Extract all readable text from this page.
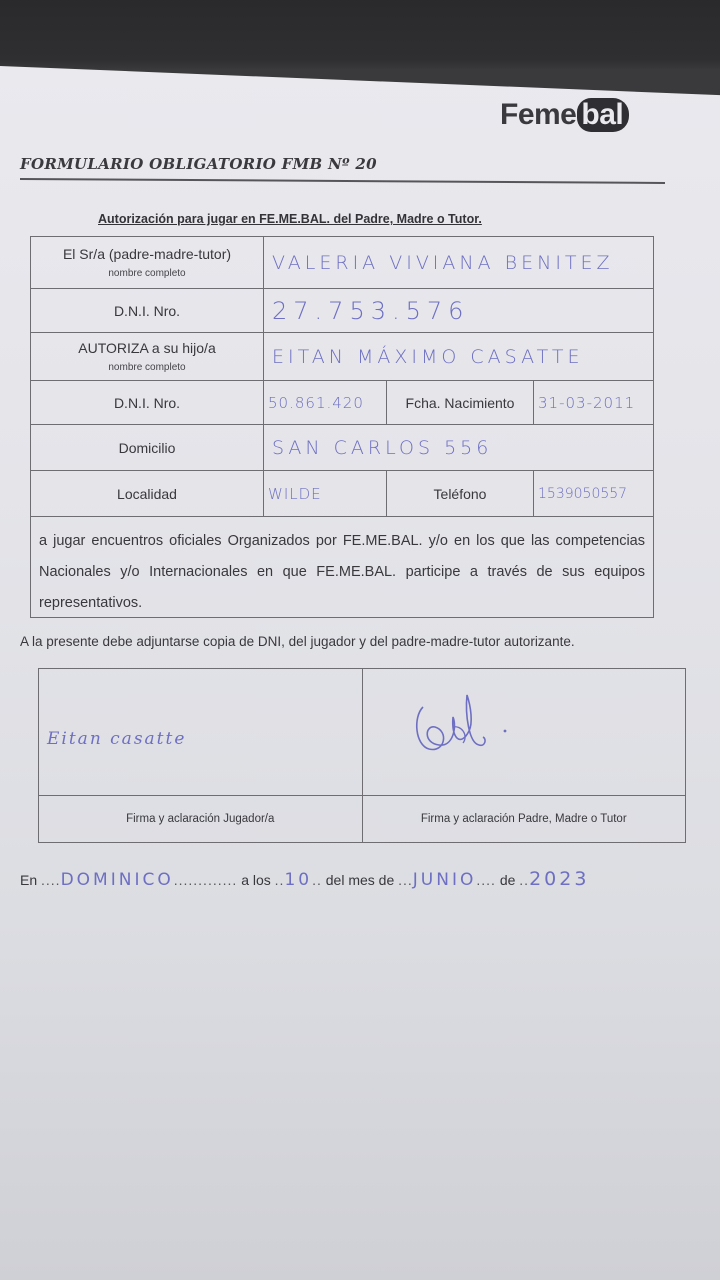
Feme bal
FORMULARIO OBLIGATORIO FMB Nº 20
Autorización para jugar en FE.ME.BAL. del Padre, Madre o Tutor.
El Sr/a (padre-madre-tutor)
nombre completo	VALERIA VIVIANA BENITEZ		
D.N.I. Nro.	27.753.576		
AUTORIZA a su hijo/a
nombre completo	EITAN MÁXIMO CASATTE		
D.N.I. Nro.	50.861.420	Fcha. Nacimiento	31-03-2011
Domicilio	SAN CARLOS 556		
Localidad	WILDE	Teléfono	1539050557
a jugar encuentros oficiales Organizados por FE.ME.BAL. y/o en los que las competencias Nacionales y/o Internacionales en que FE.ME.BAL. participe a través de sus equipos representativos.
A la presente debe adjuntarse copia de DNI, del jugador y del padre-madre-tutor autorizante.
Eitan casatte

Firma y aclaración Jugador/a	Firma y aclaración Padre, Madre o Tutor
En ....DOMINICO............. a los ..10.. del mes de ...JUNIO.... de ..2023
